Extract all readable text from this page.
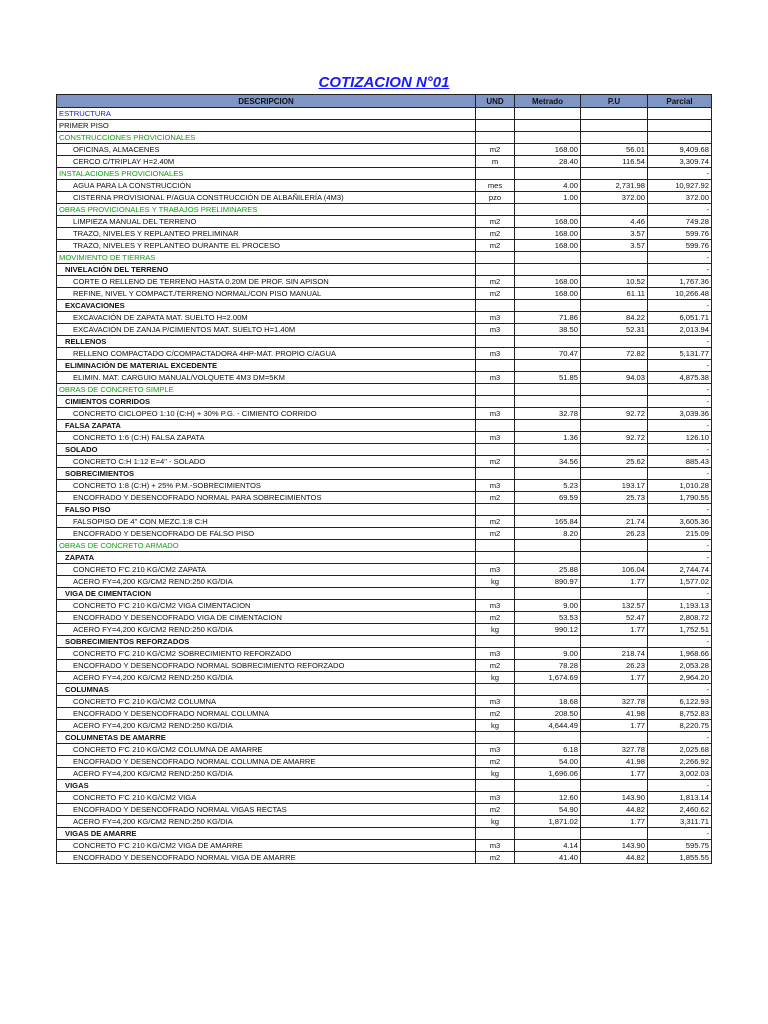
COTIZACION N°01
DESCRIPCION	UND	Metrado	P.U	Parcial
ESTRUCTURA				
PRIMER PISO				
CONSTRUCCIONES PROVICIONALES				
OFICINAS, ALMACENES	m2	168.00	56.01	9,409.68
CERCO C/TRIPLAY H=2.40M	m	28.40	116.54	3,309.74
INSTALACIONES PROVICIONALES				-
AGUA PARA LA CONSTRUCCIÓN	mes	4.00	2,731.98	10,927.92
CISTERNA PROVISIONAL P/AGUA CONSTRUCCIÓN DE ALBAÑILERÍA (4M3)	pzo	1.00	372.00	372.00
OBRAS PROVICIONALES Y TRABAJOS PRELIMINARES				-
LIMPIEZA MANUAL DEL TERRENO	m2	168.00	4.46	749.28
TRAZO, NIVELES Y REPLANTEO PRELIMINAR	m2	168.00	3.57	599.76
TRAZO, NIVELES Y REPLANTEO DURANTE EL PROCESO	m2	168.00	3.57	599.76
MOVIMIENTO DE TIERRAS				-
NIVELACIÓN DEL TERRENO				-
CORTE O RELLENO DE TERRENO HASTA 0.20M DE PROF. SIN APISON	m2	168.00	10.52	1,767.36
REFINE, NIVEL Y COMPACT./TERRENO NORMAL/CON PISO MANUAL	m2	168.00	61.11	10,266.48
EXCAVACIONES				-
EXCAVACIÓN DE ZAPATA MAT. SUELTO H=2.00M	m3	71.86	84.22	6,051.71
EXCAVACIÓN DE ZANJA P/CIMIENTOS MAT. SUELTO H=1.40M	m3	38.50	52.31	2,013.94
RELLENOS				-
RELLENO COMPACTADO C/COMPACTADORA 4HP-MAT. PROPIO C/AGUA	m3	70.47	72.82	5,131.77
ELIMINACIÓN DE MATERIAL EXCEDENTE				-
ELIMIN. MAT. CARGUIO MANUAL/VOLQUETE 4M3 DM=5KM	m3	51.85	94.03	4,875.38
OBRAS DE CONCRETO SIMPLE				-
CIMIENTOS CORRIDOS				-
CONCRETO CICLOPEO 1:10 (C:H) + 30% P.G. - CIMIENTO CORRIDO	m3	32.78	92.72	3,039.36
FALSA ZAPATA				-
CONCRETO 1:6 (C:H) FALSA ZAPATA	m3	1.36	92.72	126.10
SOLADO				-
CONCRETO C:H 1:12 E=4" - SOLADO	m2	34.56	25.62	885.43
SOBRECIMIENTOS				-
CONCRETO 1:8 (C:H) + 25% P.M.-SOBRECIMIENTOS	m3	5.23	193.17	1,010.28
ENCOFRADO Y DESENCOFRADO NORMAL PARA SOBRECIMIENTOS	m2	69.59	25.73	1,790.55
FALSO PISO				-
FALSOPISO DE 4" CON MEZC.1:8 C:H	m2	165.84	21.74	3,605.36
ENCOFRADO Y DESENCOFRADO DE FALSO PISO	m2	8.20	26.23	215.09
OBRAS DE CONCRETO ARMADO				-
ZAPATA				-
CONCRETO F'C 210 KG/CM2 ZAPATA	m3	25.88	106.04	2,744.74
ACERO FY=4,200 KG/CM2 REND:250 KG/DIA	kg	890.97	1.77	1,577.02
VIGA DE CIMENTACION				-
CONCRETO F'C 210 KG/CM2 VIGA CIMENTACION	m3	9.00	132.57	1,193.13
ENCOFRADO Y DESENCOFRADO VIGA DE CIMENTACION	m2	53.53	52.47	2,808.72
ACERO FY=4,200 KG/CM2 REND:250 KG/DIA	kg	990.12	1.77	1,752.51
SOBRECIMIENTOS REFORZADOS				-
CONCRETO F'C 210 KG/CM2 SOBRECIMIENTO REFORZADO	m3	9.00	218.74	1,968.66
ENCOFRADO Y DESENCOFRADO NORMAL SOBRECIMIENTO REFORZADO	m2	78.28	26.23	2,053.28
ACERO FY=4,200 KG/CM2 REND:250 KG/DIA	kg	1,674.69	1.77	2,964.20
COLUMNAS				-
CONCRETO F'C 210 KG/CM2 COLUMNA	m3	18.68	327.78	6,122.93
ENCOFRADO Y DESENCOFRADO NORMAL COLUMNA	m2	208.50	41.98	8,752.83
ACERO FY=4,200 KG/CM2 REND:250 KG/DIA	kg	4,644.49	1.77	8,220.75
COLUMNETAS DE AMARRE				-
CONCRETO F'C 210 KG/CM2 COLUMNA DE AMARRE	m3	6.18	327.78	2,025.68
ENCOFRADO Y DESENCOFRADO NORMAL COLUMNA DE AMARRE	m2	54.00	41.98	2,266.92
ACERO FY=4,200 KG/CM2 REND:250 KG/DIA	kg	1,696.06	1.77	3,002.03
VIGAS				-
CONCRETO F'C 210 KG/CM2 VIGA	m3	12.60	143.90	1,813.14
ENCOFRADO Y DESENCOFRADO NORMAL VIGAS RECTAS	m2	54.90	44.82	2,460.62
ACERO FY=4,200 KG/CM2 REND:250 KG/DIA	kg	1,871.02	1.77	3,311.71
VIGAS DE AMARRE				-
CONCRETO F'C 210 KG/CM2 VIGA DE AMARRE	m3	4.14	143.90	595.75
ENCOFRADO Y DESENCOFRADO NORMAL VIGA DE AMARRE	m2	41.40	44.82	1,855.55
